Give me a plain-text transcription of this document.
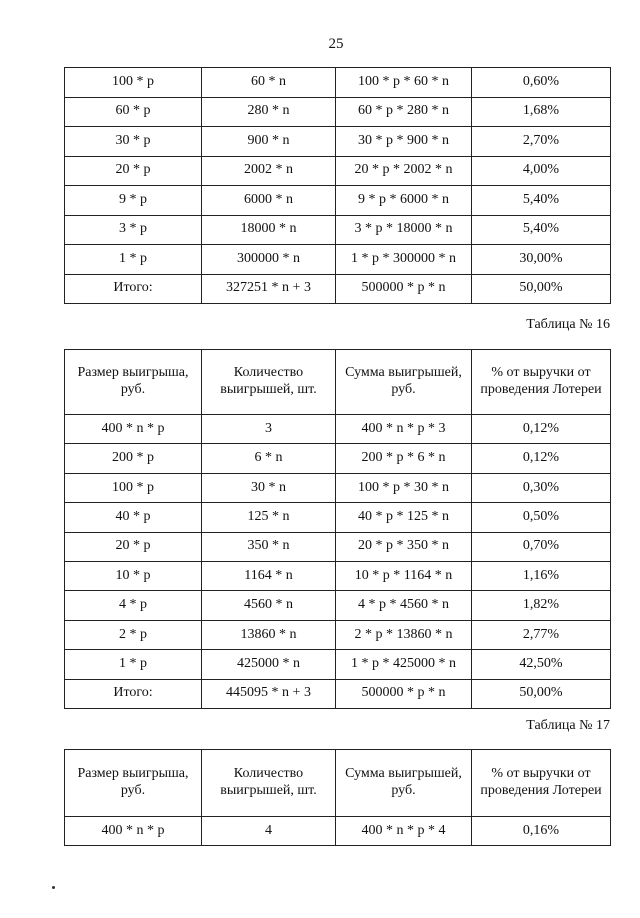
25
100 * р	60 * n	100 * р * 60 * n	0,60%
60 * р	280 * n	60 * р * 280 * n	1,68%
30 * р	900 * n	30 * р * 900 * n	2,70%
20 * р	2002 * n	20 * р * 2002 * n	4,00%
9 * р	6000 * n	9 * р * 6000 * n	5,40%
3 * р	18000 * n	3 * р * 18000 * n	5,40%
1 * р	300000 * n	1 * р * 300000 * n	30,00%
Итого:	327251 * n + 3	500000 * р * n	50,00%
Таблица № 16
Размер выигрыша, руб.	Количество выигрышей, шт.	Сумма выигрышей, руб.	% от выручки от проведения Лотереи
400 * n * р	3	400 * n * р * 3	0,12%
200 * р	6 * n	200 * р * 6 * n	0,12%
100 * р	30 * n	100 * р * 30 * n	0,30%
40 * р	125 * n	40 * р * 125 * n	0,50%
20 * р	350 * n	20 * р * 350 * n	0,70%
10 * р	1164 * n	10 * р * 1164 * n	1,16%
4 * р	4560 * n	4 * р * 4560 * n	1,82%
2 * р	13860 * n	2 * р * 13860 * n	2,77%
1 * р	425000 * n	1 * р * 425000 * n	42,50%
Итого:	445095 * n + 3	500000 * р * n	50,00%
Таблица № 17
Размер выигрыша, руб.	Количество выигрышей, шт.	Сумма выигрышей, руб.	% от выручки от проведения Лотереи
400 * n * р	4	400 * n * р * 4	0,16%
